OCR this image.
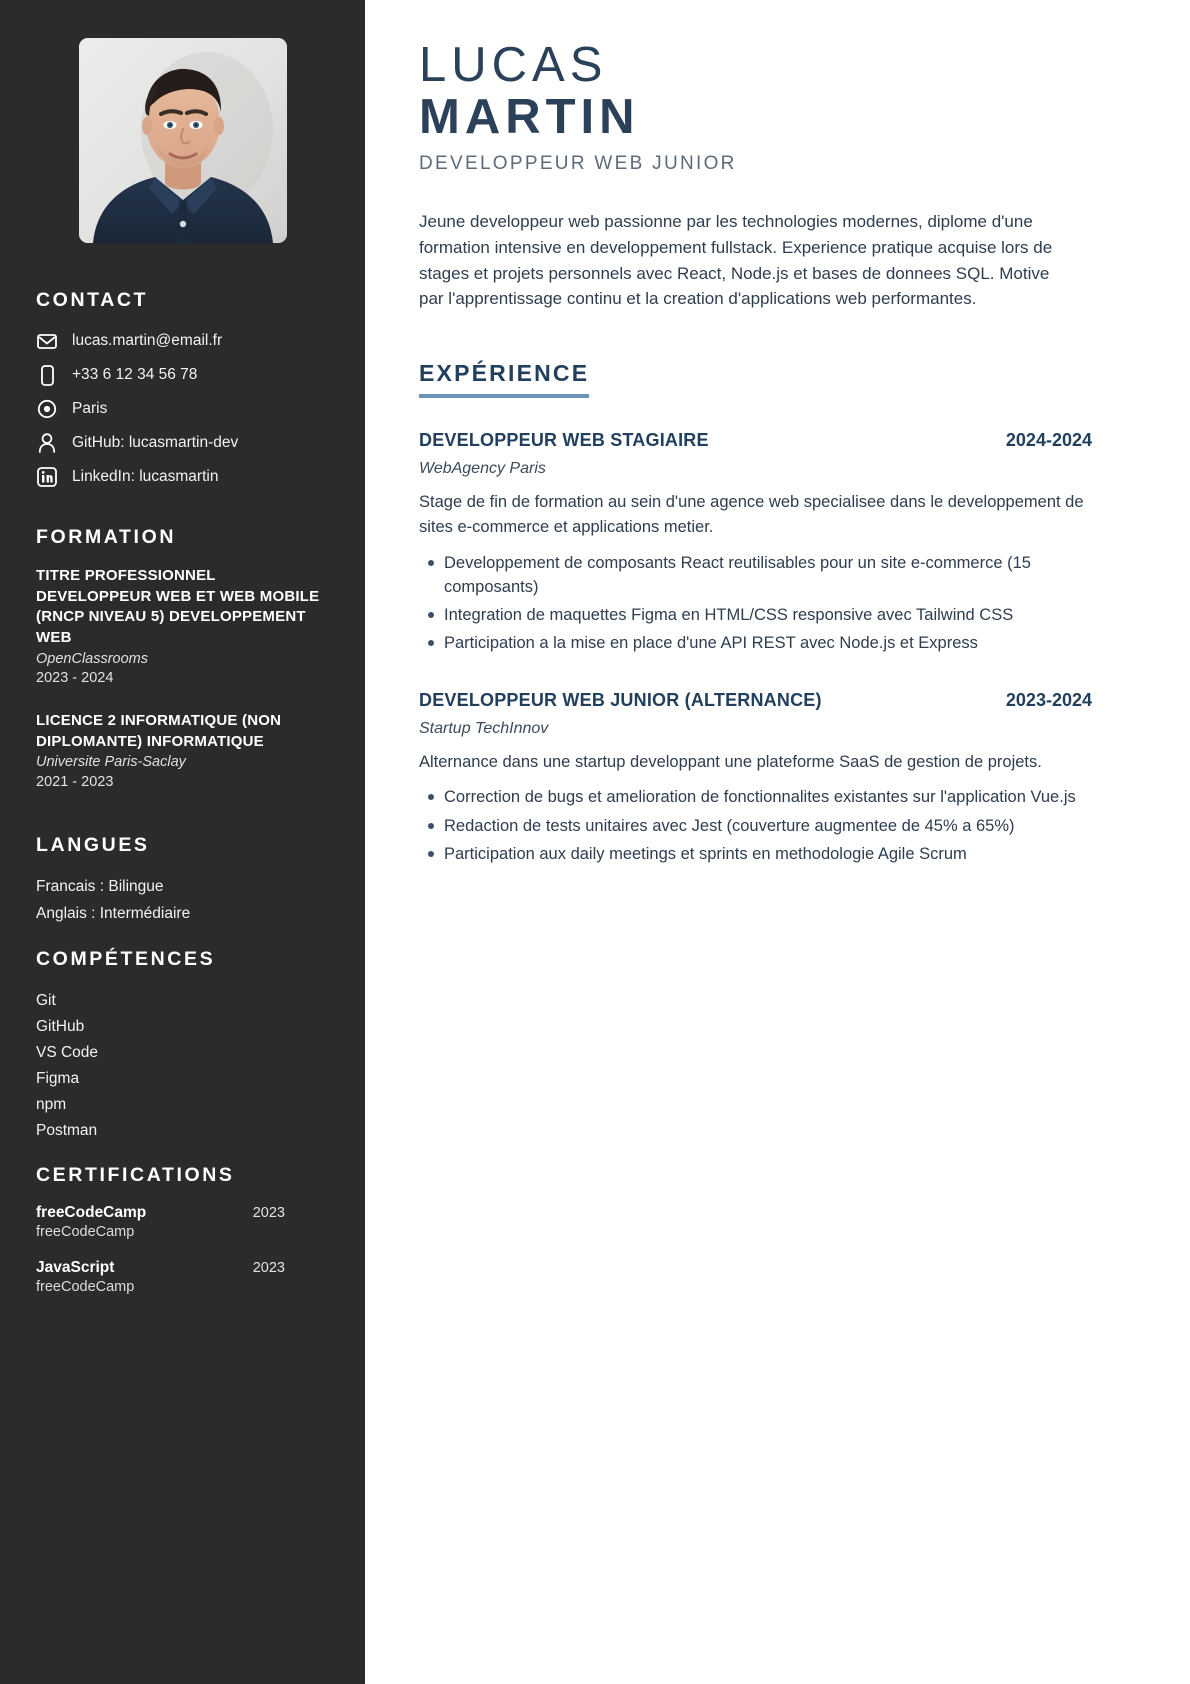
CONTACT
lucas.martin@email.fr
+33 6 12 34 56 78
Paris
GitHub: lucasmartin-dev
LinkedIn: lucasmartin
FORMATION
TITRE PROFESSIONNEL DEVELOPPEUR WEB ET WEB MOBILE (RNCP NIVEAU 5) DEVELOPPEMENT WEB
OpenClassrooms
2023 - 2024
LICENCE 2 INFORMATIQUE (NON DIPLOMANTE) INFORMATIQUE
Universite Paris-Saclay
2021 - 2023
LANGUES
Francais : Bilingue
Anglais : Intermédiaire
COMPÉTENCES
Git
GitHub
VS Code
Figma
npm
Postman
CERTIFICATIONS
freeCodeCamp	2023
freeCodeCamp
JavaScript	2023
freeCodeCamp
LUCAS
MARTIN
DEVELOPPEUR WEB JUNIOR

Jeune developpeur web passionne par les technologies modernes, diplome d'une formation intensive en developpement fullstack. Experience pratique acquise lors de stages et projets personnels avec React, Node.js et bases de donnees SQL. Motive par l'apprentissage continu et la creation d'applications web performantes.

EXPÉRIENCE
DEVELOPPEUR WEB STAGIAIRE	2024-2024
WebAgency Paris
Stage de fin de formation au sein d'une agence web specialisee dans le developpement de sites e-commerce et applications metier.
Developpement de composants React reutilisables pour un site e-commerce (15 composants)
Integration de maquettes Figma en HTML/CSS responsive avec Tailwind CSS
Participation a la mise en place d'une API REST avec Node.js et Express
DEVELOPPEUR WEB JUNIOR (ALTERNANCE)	2023-2024
Startup TechInnov
Alternance dans une startup developpant une plateforme SaaS de gestion de projets.
Correction de bugs et amelioration de fonctionnalites existantes sur l'application Vue.js
Redaction de tests unitaires avec Jest (couverture augmentee de 45% a 65%)
Participation aux daily meetings et sprints en methodologie Agile Scrum
